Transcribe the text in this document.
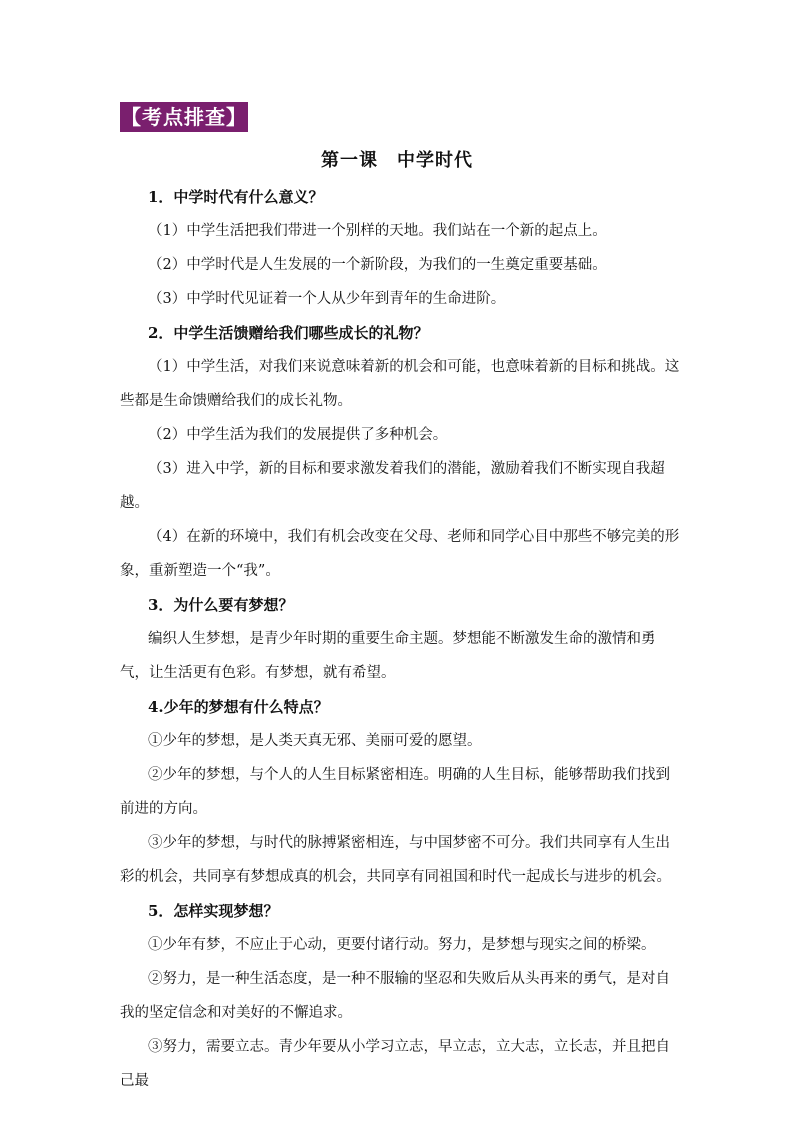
【考点排查】
第一课　中学时代

1．中学时代有什么意义？

（1）中学生活把我们带进一个别样的天地。我们站在一个新的起点上。

（2）中学时代是人生发展的一个新阶段，为我们的一生奠定重要基础。

（3）中学时代见证着一个人从少年到青年的生命进阶。

2．中学生活馈赠给我们哪些成长的礼物？

（1）中学生活，对我们来说意味着新的机会和可能，也意味着新的目标和挑战。这些都是生命馈赠给我们的成长礼物。

（2）中学生活为我们的发展提供了多种机会。

（3）进入中学，新的目标和要求激发着我们的潜能，激励着我们不断实现自我超越。

（4）在新的环境中，我们有机会改变在父母、老师和同学心目中那些不够完美的形象，重新塑造一个“我”。

3．为什么要有梦想？

编织人生梦想，是青少年时期的重要生命主题。梦想能不断激发生命的激情和勇气，让生活更有色彩。有梦想，就有希望。

4.少年的梦想有什么特点？

①少年的梦想，是人类天真无邪、美丽可爱的愿望。

②少年的梦想，与个人的人生目标紧密相连。明确的人生目标，能够帮助我们找到前进的方向。

③少年的梦想，与时代的脉搏紧密相连，与中国梦密不可分。我们共同享有人生出彩的机会，共同享有梦想成真的机会，共同享有同祖国和时代一起成长与进步的机会。

5．怎样实现梦想？

①少年有梦，不应止于心动，更要付诸行动。努力，是梦想与现实之间的桥梁。

②努力，是一种生活态度，是一种不服输的坚忍和失败后从头再来的勇气，是对自我的坚定信念和对美好的不懈追求。

③努力，需要立志。青少年要从小学习立志，早立志，立大志，立长志，并且把自己最
